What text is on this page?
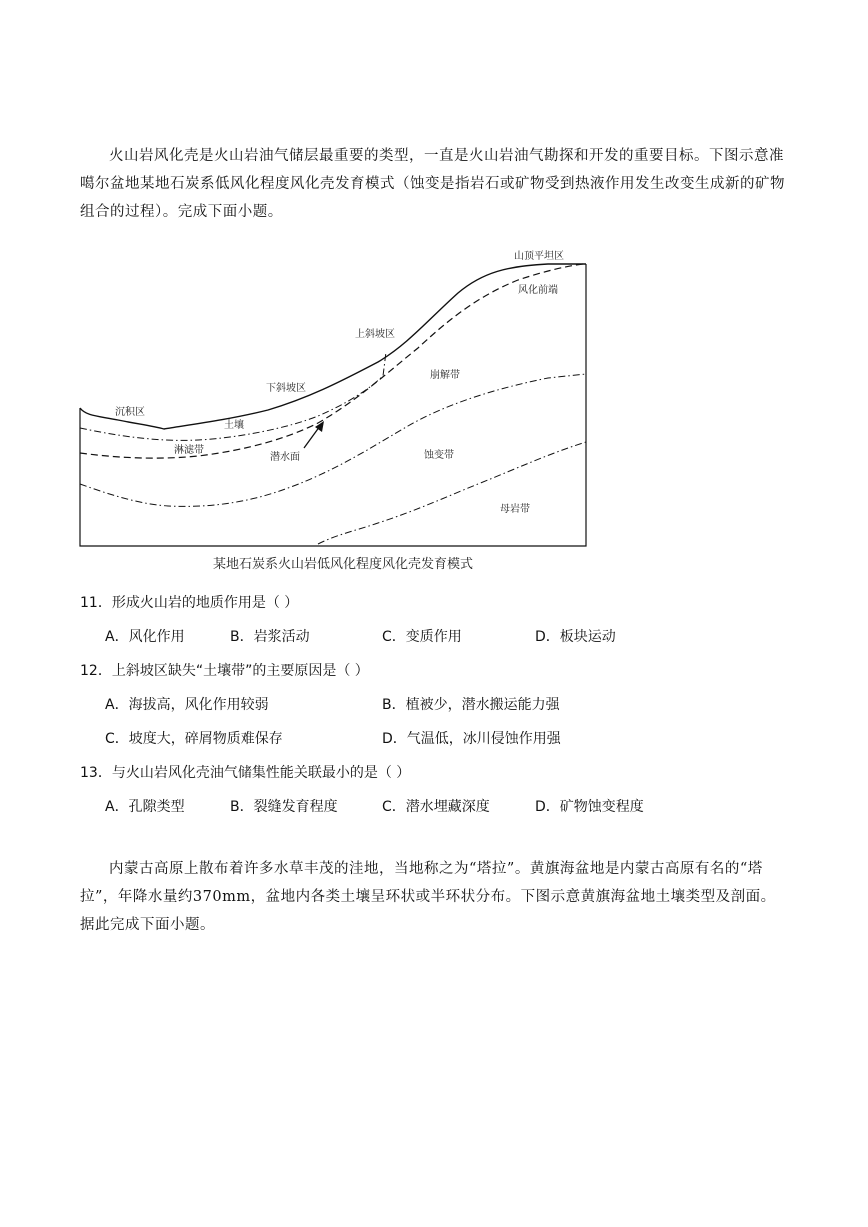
火山岩风化壳是火山岩油气储层最重要的类型，一直是火山岩油气勘探和开发的重要目标。下图示意准噶尔盆地某地石炭系低风化程度风化壳发育模式（蚀变是指岩石或矿物受到热液作用发生改变生成新的矿物组合的过程）。完成下面小题。

山顶平坦区
风化前端
上斜坡区
下斜坡区
沉积区
土壤
淋滤带
潜水面
崩解带
蚀变带
母岩带
某地石炭系火山岩低风化程度风化壳发育模式
11．形成火山岩的地质作用是（ ）
A．风化作用	B．岩浆活动	C．变质作用	D．板块运动
12．上斜坡区缺失“土壤带”的主要原因是（ ）
A．海拔高，风化作用较弱	B．植被少，潜水搬运能力强
C．坡度大，碎屑物质难保存	D．气温低，冰川侵蚀作用强
13．与火山岩风化壳油气储集性能关联最小的是（ ）
A．孔隙类型	B．裂缝发育程度	C．潜水埋藏深度	D．矿物蚀变程度

内蒙古高原上散布着许多水草丰茂的洼地，当地称之为“塔拉”。黄旗海盆地是内蒙古高原有名的“塔拉”，年降水量约370mm，盆地内各类土壤呈环状或半环状分布。下图示意黄旗海盆地土壤类型及剖面。据此完成下面小题。
